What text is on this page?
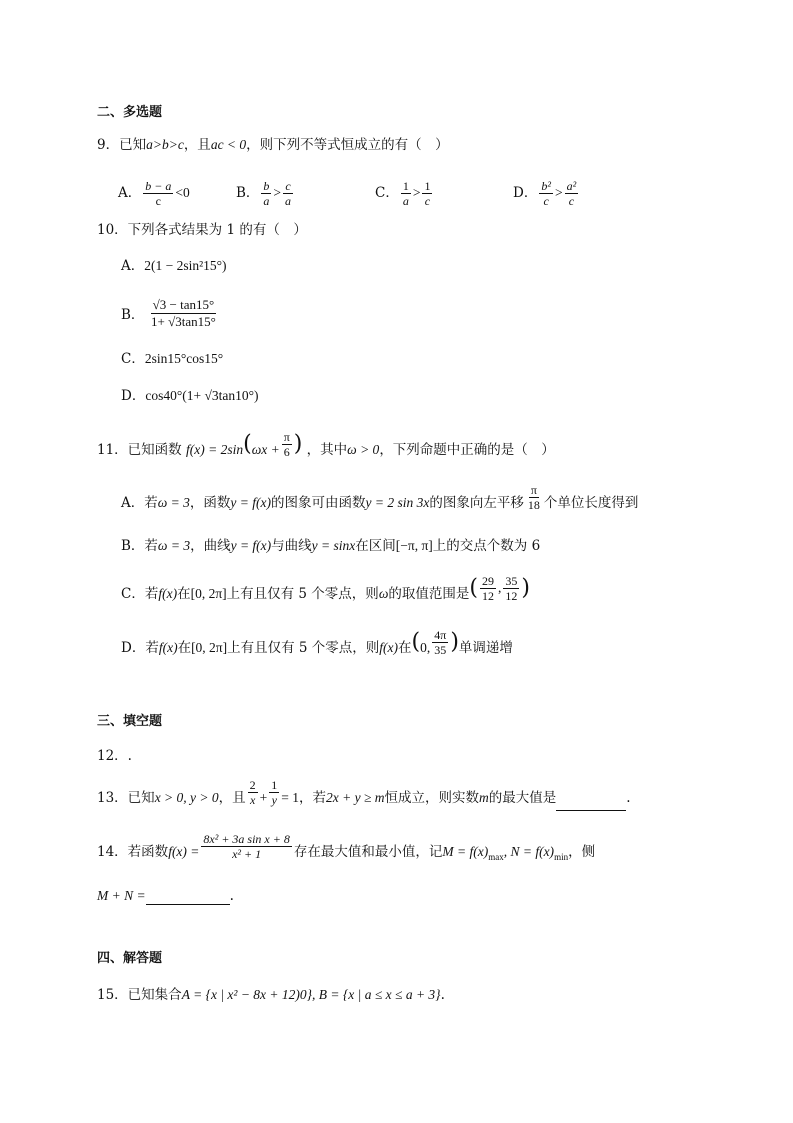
二、多选题
9．已知a>b>c，且ac < 0，则下列不等式恒成立的有（　）
A． $\frac{b - a}{c} <0$	B． $\frac{b}{a} > \frac{c}{a}$	C． $\frac{1}{a} > \frac{1}{c}$	D． $\frac{\text{b²}}{c} > \frac{\text{a²}}{c}$
10．下列各式结果为 1 的有（　）
A．2(1 − 2sin²15°)
B． $\frac{√3 - \tan 15^\circ}{1+ √3\tan 15^\circ}$
C．2sin15°cos15°
D．cos40°(1+ √3tan10°)
11．已知函数 $f(x) = 2\sin(\omega x + \frac{\pi}{6}$ ) ，其中ω > 0，下列命题中正确的是（　）
A．若ω = 3，函数y = f(x)的图象可由函数y = 2 sin 3x的图象向左平移 $\frac{\pi}{18}$ 个单位长度得到
B．若ω = 3，曲线y = f(x)与曲线y = sinx在区间[−π, π]上的交点个数为 6
C．若f(x)在[0, 2π]上有且仅有 5 个零点，则ω的取值范围是( $\frac{29}{12}$ , $\frac{35}{12}$ )
D．若f(x)在[0, 2π]上有且仅有 5 个零点，则f(x)在(0, $\frac{4\pi}{35}$ )单调递增
三、填空题
12．.
13．已知x > 0, y > 0，且 $\frac{2}{x} + \frac{1}{y} = 1$，若2x + y ≥ m恒成立，则实数m的最大值是	.
14．若函数$f(x) = \frac{\text{8x² + 3a sin x + 8}}{\text{x² + 1}}$ 存在最大值和最小值，记$M = f(x)_{max}$, $N = f(x)_{min}$，侧
M + N =	.
四、解答题
15．已知集合A = {x | x² − 8x + 12)0}, B = {x | a ≤ x ≤ a + 3}.
